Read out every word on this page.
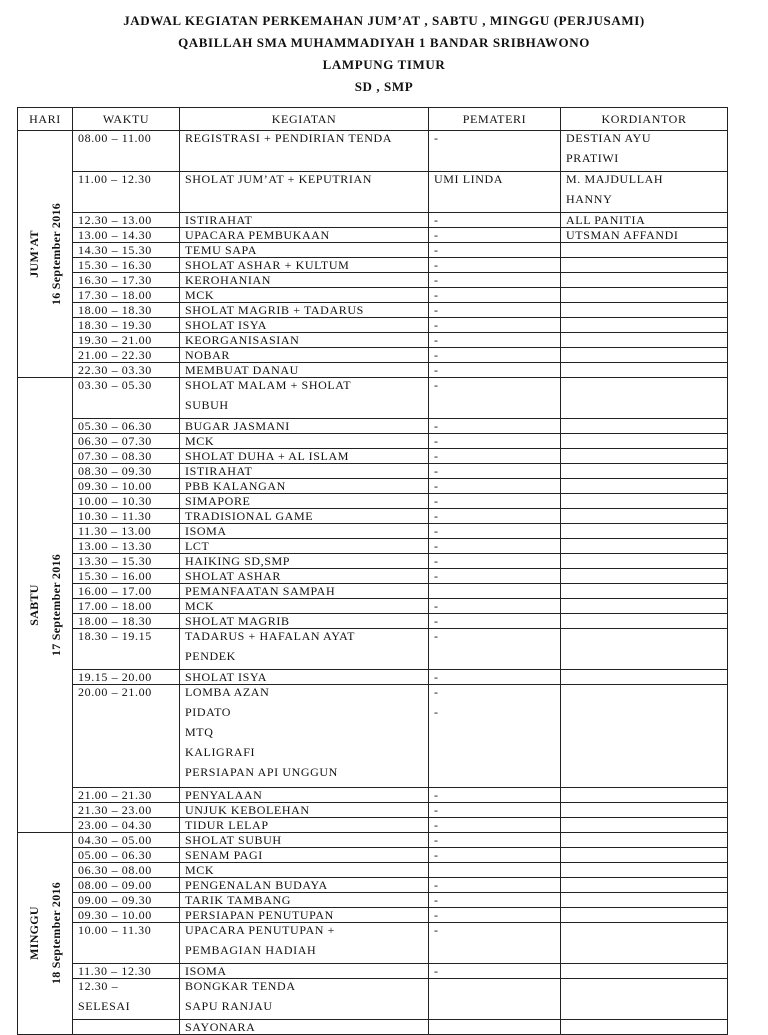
JADWAL KEGIATAN PERKEMAHAN JUM’AT , SABTU , MINGGU (PERJUSAMI)
QABILLAH SMA MUHAMMADIYAH 1 BANDAR SRIBHAWONO
LAMPUNG TIMUR
SD , SMP
HARI	WAKTU	KEGIATAN	PEMATERI	KORDIANTOR

JUM’AT 16 September 2016	08.00 – 11.00	REGISTRASI + PENDIRIAN TENDA	-	DESTIAN AYU
PRATIWI

	11.00 – 12.30	SHOLAT JUM’AT + KEPUTRIAN	UMI LINDA	M. MAJDULLAH
HANNY

	12.30 – 13.00	ISTIRAHAT	-	ALL PANITIA

	13.00 – 14.30	UPACARA PEMBUKAAN	-	UTSMAN AFFANDI

	14.30 – 15.30	TEMU SAPA	-	

	15.30 – 16.30	SHOLAT ASHAR + KULTUM	-	

	16.30 – 17.30	KEROHANIAN	-	

	17.30 – 18.00	MCK	-	

	18.00 – 18.30	SHOLAT MAGRIB + TADARUS	-	

	18.30 – 19.30	SHOLAT ISYA	-	

	19.30 – 21.00	KEORGANISASIAN	-	

	21.00 – 22.30	NOBAR	-	

	22.30 – 03.30	MEMBUAT DANAU	-	

SABTU 17 September 2016	03.30 – 05.30	SHOLAT MALAM + SHOLAT
SUBUH	-	

	05.30 – 06.30	BUGAR JASMANI	-	

	06.30 – 07.30	MCK	-	

	07.30 – 08.30	SHOLAT DUHA + AL ISLAM	-	

	08.30 – 09.30	ISTIRAHAT	-	

	09.30 – 10.00	PBB KALANGAN	-	

	10.00 – 10.30	SIMAPORE	-	

	10.30 – 11.30	TRADISIONAL GAME	-	

	11.30 – 13.00	ISOMA	-	

	13.00 – 13.30	LCT	-	

	13.30 – 15.30	HAIKING SD,SMP	-	

	15.30 – 16.00	SHOLAT ASHAR	-	

	16.00 – 17.00	PEMANFAATAN SAMPAH		

	17.00 – 18.00	MCK	-	

	18.00 – 18.30	SHOLAT MAGRIB	-	

	18.30 – 19.15	TADARUS + HAFALAN AYAT
PENDEK	-	

	19.15 – 20.00	SHOLAT ISYA	-	

	20.00 – 21.00	LOMBA AZAN
PIDATO
MTQ
KALIGRAFI
PERSIAPAN API UNGGUN	-
-	

	21.00 – 21.30	PENYALAAN	-	

	21.30 – 23.00	UNJUK KEBOLEHAN	-	

	23.00 – 04.30	TIDUR LELAP	-	

MINGGU 18 September 2016	04.30 – 05.00	SHOLAT SUBUH	-	

	05.00 – 06.30	SENAM PAGI	-	

	06.30 – 08.00	MCK		

	08.00 – 09.00	PENGENALAN BUDAYA	-	

	09.00 – 09.30	TARIK TAMBANG	-	

	09.30 – 10.00	PERSIAPAN PENUTUPAN	-	

	10.00 – 11.30	UPACARA PENUTUPAN +
PEMBAGIAN HADIAH	-	

	11.30 – 12.30	ISOMA	-	

	12.30 –
SELESAI	BONGKAR TENDA
SAPU RANJAU		

		SAYONARA		
